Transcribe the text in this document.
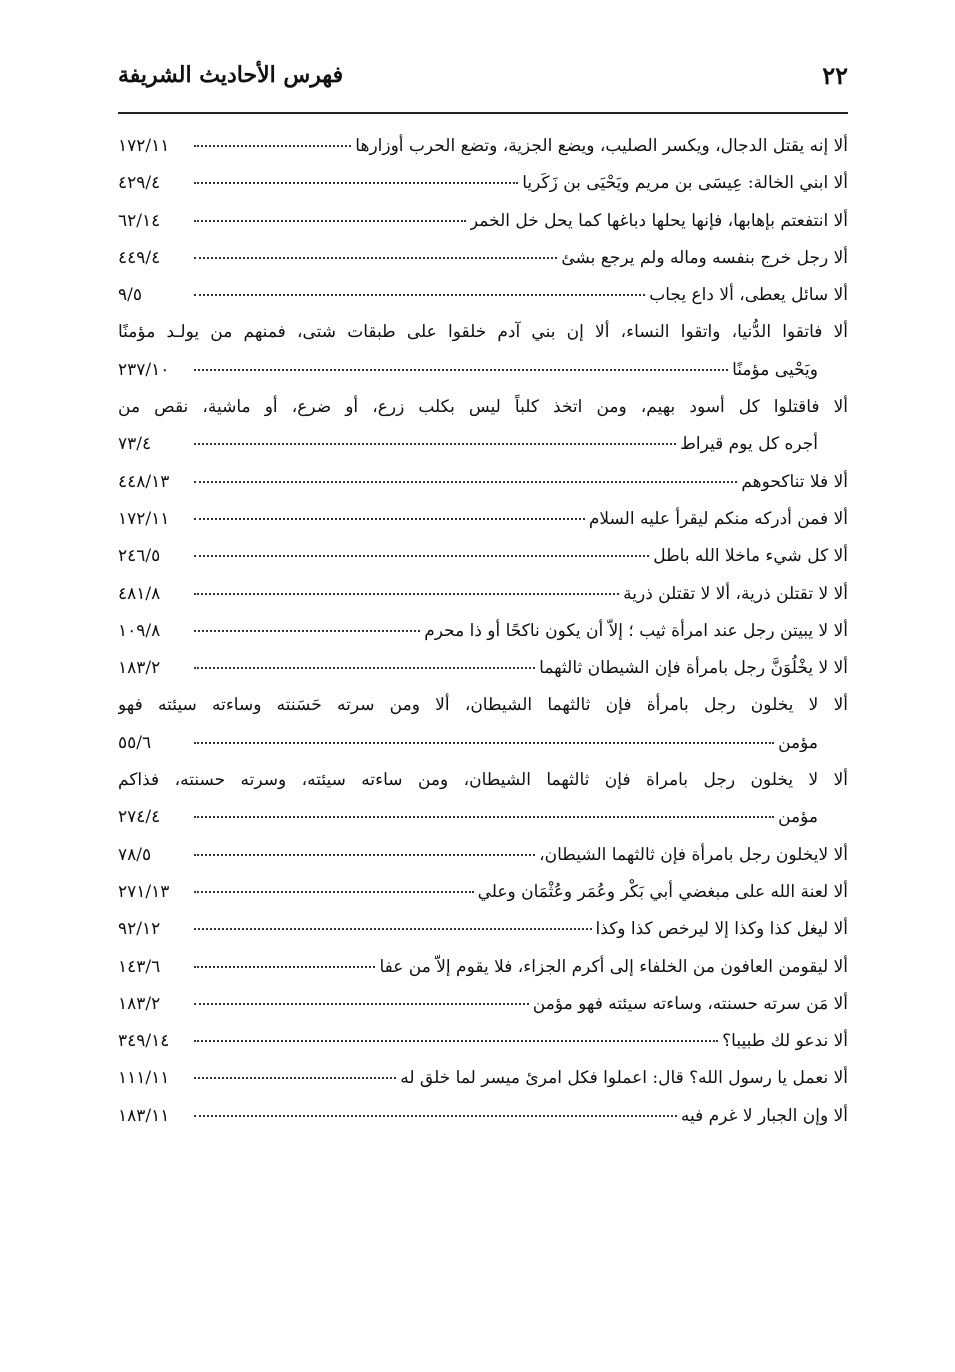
٢٢
فهرس الأحاديث الشريفة
ألا إنه يقتل الدجال، ويكسر الصليب، ويضع الجزية، وتضع الحرب أوزارها
١٧٢/١١
ألا ابني الخالة: عِيسَى بن مريم ويَحْيَى بن زَكَريا
٤٢٩/٤
ألا انتفعتم بإهابها، فإنها يحلها دباغها كما يحل خل الخمر
٦٢/١٤
ألا رجل خرج بنفسه وماله ولم يرجع بشئ
٤٤٩/٤
ألا سائل يعطى، ألا داع يجاب
٩/٥
ألا فاتقوا الدُّنيا، واتقوا النساء، ألا إن بني آدم خلقوا على طبقات شتى، فمنهم من يولـد مؤمنًا
ويَحْيى مؤمنًا
٢٣٧/١٠
ألا فاقتلوا كل أسود بهيم، ومن اتخذ كلباً ليس بكلب زرع، أو ضرع، أو ماشية، نقص من
أجره كل يوم قيراط
٧٣/٤
ألا فلا تناكحوهم
٤٤٨/١٣
ألا فمن أدركه منكم ليقرأ عليه السلام
١٧٢/١١
ألا كل شيء ماخلا الله باطل
٢٤٦/٥
ألا لا تقتلن ذرية، ألا لا تقتلن ذرية
٤٨١/٨
ألا لا يبيتن رجل عند امرأة ثيب ؛ إلاّ أن يكون ناكحًا أو ذا محرم
١٠٩/٨
ألا لا يخْلُوَنَّ رجل بامرأة فإن الشيطان ثالثهما
١٨٣/٢
ألا لا يخلون رجل بامرأة فإن ثالثهما الشيطان، ألا ومن سرته حَسَنته وساءته سيئته فهو
مؤمن
٥٥/٦
ألا لا يخلون رجل بامراة فإن ثالثهما الشيطان، ومن ساءته سيئته، وسرته حسنته، فذاكم
مؤمن
٢٧٤/٤
ألا لايخلون رجل بامرأة فإن ثالثهما الشيطان،
٧٨/٥
ألا لعنة الله على مبغضي أبي بَكْر وعُمَر وعُثْمَان وعلي
٢٧١/١٣
ألا ليغل كذا وكذا إلا ليرخص كذا وكذا
٩٢/١٢
ألا ليقومن العافون من الخلفاء إلى أكرم الجزاء، فلا يقوم إلاّ من عفا
١٤٣/٦
ألا مَن سرته حسنته، وساءته سيئته فهو مؤمن
١٨٣/٢
ألا ندعو لك طبيبا؟
٣٤٩/١٤
ألا نعمل يا رسول الله؟ قال: اعملوا فكل امرئ ميسر لما خلق له
١١١/١١
ألا وإن الجبار لا غرم فيه
١٨٣/١١
